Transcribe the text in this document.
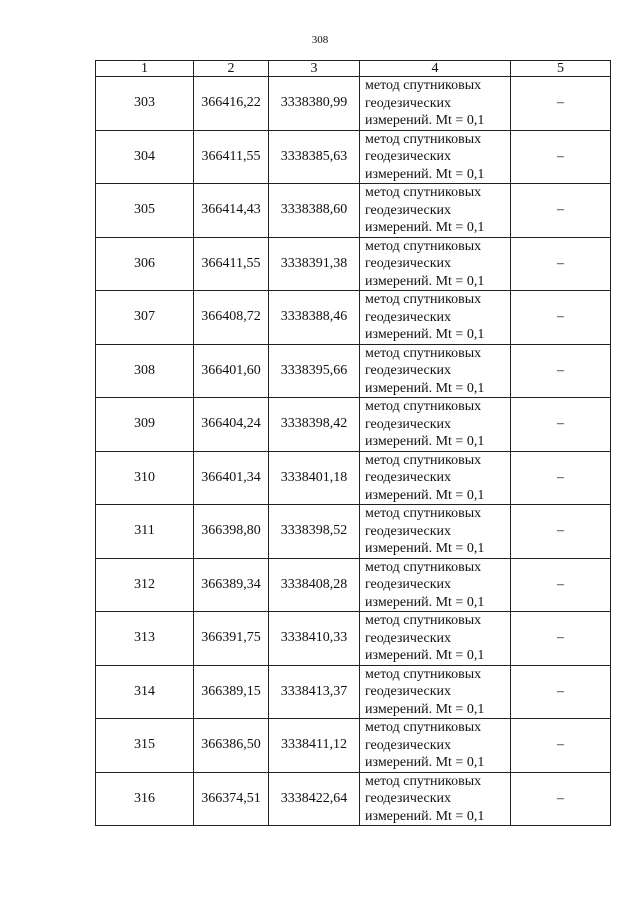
308
1	2	3	4	5
303	366416,22	3338380,99	метод спутниковых
геодезических
измерений. Mt = 0,1	–
304	366411,55	3338385,63	метод спутниковых
геодезических
измерений. Mt = 0,1	–
305	366414,43	3338388,60	метод спутниковых
геодезических
измерений. Mt = 0,1	–
306	366411,55	3338391,38	метод спутниковых
геодезических
измерений. Mt = 0,1	–
307	366408,72	3338388,46	метод спутниковых
геодезических
измерений. Mt = 0,1	–
308	366401,60	3338395,66	метод спутниковых
геодезических
измерений. Mt = 0,1	–
309	366404,24	3338398,42	метод спутниковых
геодезических
измерений. Mt = 0,1	–
310	366401,34	3338401,18	метод спутниковых
геодезических
измерений. Mt = 0,1	–
311	366398,80	3338398,52	метод спутниковых
геодезических
измерений. Mt = 0,1	–
312	366389,34	3338408,28	метод спутниковых
геодезических
измерений. Mt = 0,1	–
313	366391,75	3338410,33	метод спутниковых
геодезических
измерений. Mt = 0,1	–
314	366389,15	3338413,37	метод спутниковых
геодезических
измерений. Mt = 0,1	–
315	366386,50	3338411,12	метод спутниковых
геодезических
измерений. Mt = 0,1	–
316	366374,51	3338422,64	метод спутниковых
геодезических
измерений. Mt = 0,1	–
